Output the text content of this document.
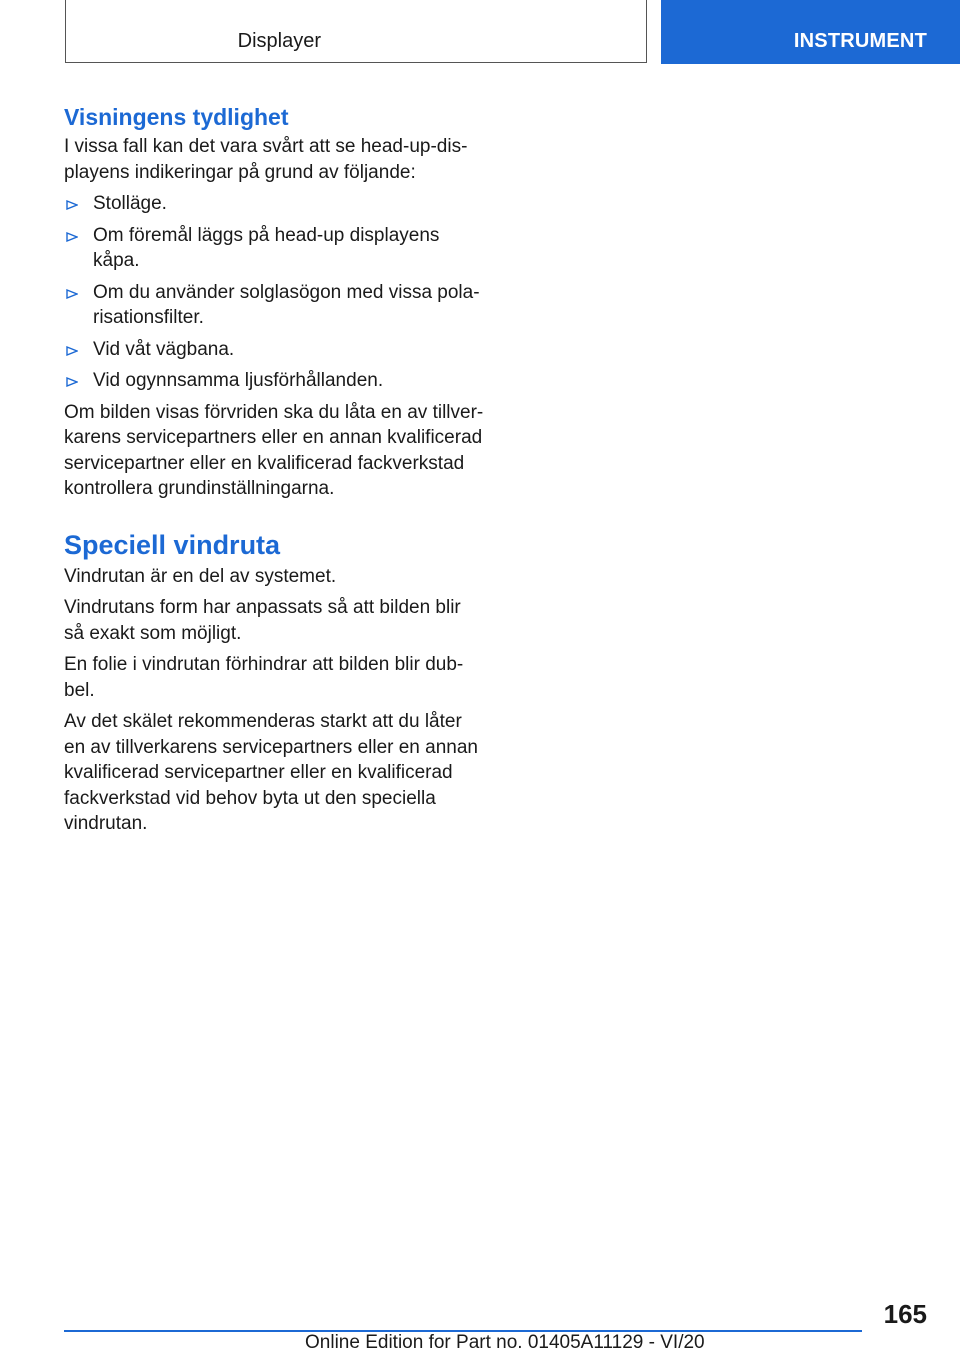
Displayer	INSTRUMENT
Visningens tydlighet

I vissa fall kan det vara svårt att se head-up-dis-playens indikeringar på grund av följande:

Stolläge.
Om föremål läggs på head-up displayens kåpa.
Om du använder solglasögon med vissa pola-risationsfilter.
Vid våt vägbana.
Vid ogynnsamma ljusförhållanden.

Om bilden visas förvriden ska du låta en av tillver-karens servicepartners eller en annan kvalificerad servicepartner eller en kvalificerad fackverkstad kontrollera grundinställningarna.

Speciell vindruta

Vindrutan är en del av systemet.

Vindrutans form har anpassats så att bilden blir så exakt som möjligt.

En folie i vindrutan förhindrar att bilden blir dub-bel.

Av det skälet rekommenderas starkt att du låter en av tillverkarens servicepartners eller en annan kvalificerad servicepartner eller en kvalificerad fackverkstad vid behov byta ut den speciella vindrutan.

165
Online Edition for Part no. 01405A11129 - VI/20
